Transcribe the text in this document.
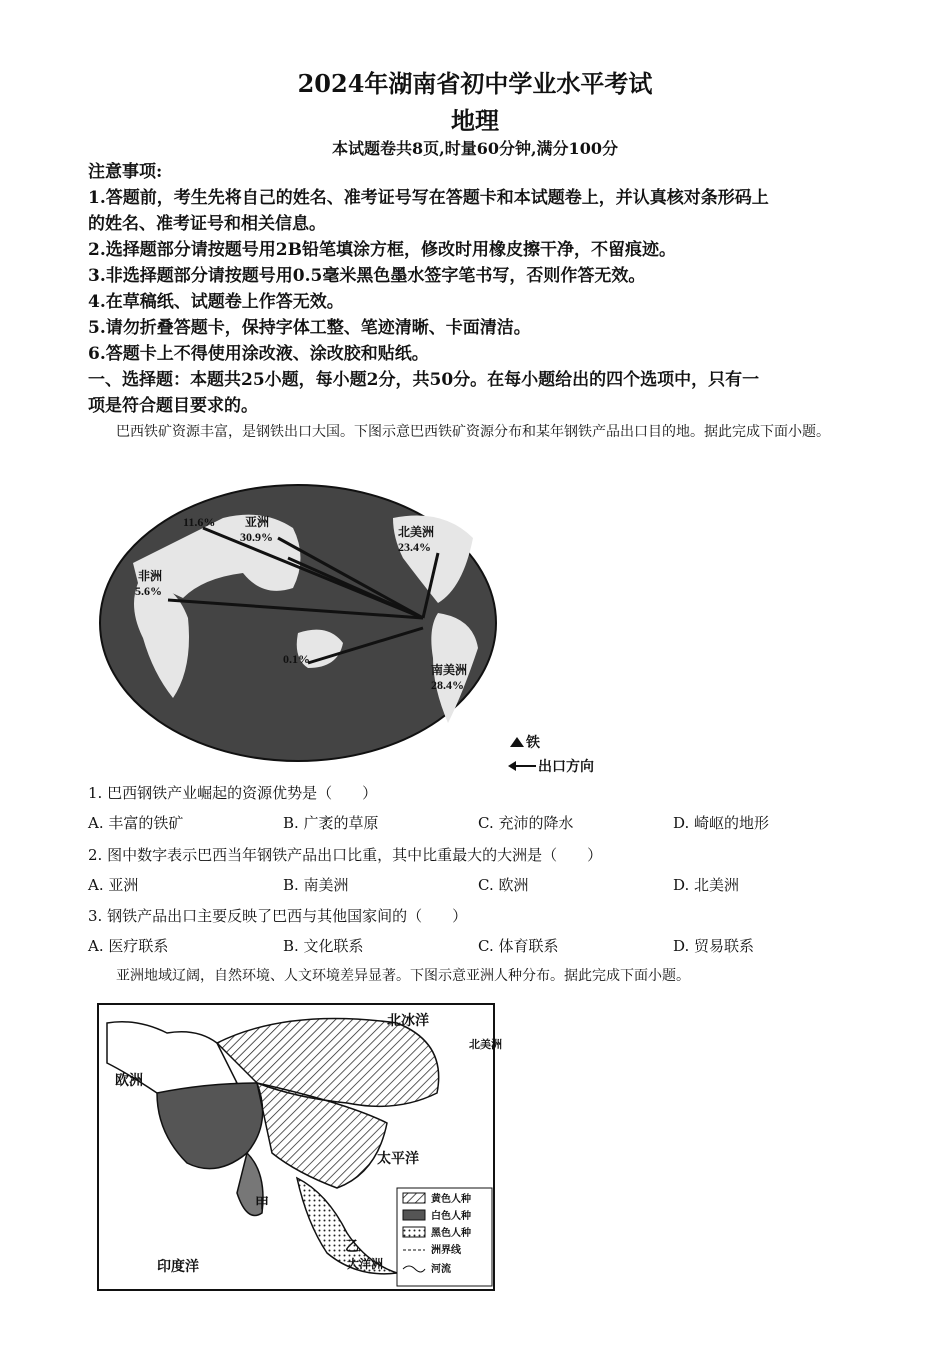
2024年湖南省初中学业水平考试
地理
本试题卷共8页,时量60分钟,满分100分
注意事项:
1.答题前，考生先将自己的姓名、准考证号写在答题卡和本试题卷上，并认真核对条形码上
的姓名、准考证号和相关信息。
2.选择题部分请按题号用2B铅笔填涂方框，修改时用橡皮擦干净，不留痕迹。
3.非选择题部分请按题号用0.5毫米黑色墨水签字笔书写，否则作答无效。
4.在草稿纸、试题卷上作答无效。
5.请勿折叠答题卡，保持字体工整、笔迹清晰、卡面清洁。
6.答题卡上不得使用涂改液、涂改胶和贴纸。
一、选择题：本题共25小题，每小题2分，共50分。在每小题给出的四个选项中，只有一
项是符合题目要求的。
巴西铁矿资源丰富，是钢铁出口大国。下图示意巴西铁矿资源分布和某年钢铁产品出口目的地。据此完成下面小题。
亚洲
30.9%	北美洲
23.4%
非洲
5.6%
南美洲
28.4%
11.6%
0.1%
铁
出口方向
1. 巴西钢铁产业崛起的资源优势是（　　）
A. 丰富的铁矿	B. 广袤的草原	C. 充沛的降水	D. 崎岖的地形
2. 图中数字表示巴西当年钢铁产品出口比重，其中比重最大的大洲是（　　）
A. 亚洲	B. 南美洲	C. 欧洲	D. 北美洲
3. 钢铁产品出口主要反映了巴西与其他国家间的（　　）
A. 医疗联系	B. 文化联系	C. 体育联系	D. 贸易联系
亚洲地域辽阔，自然环境、人文环境差异显著。下图示意亚洲人种分布。据此完成下面小题。
北冰洋
欧洲
北美洲
太平洋
印度洋
甲
乙
大洋洲
黄色人种
白色人种
黑色人种
洲界线
河流
